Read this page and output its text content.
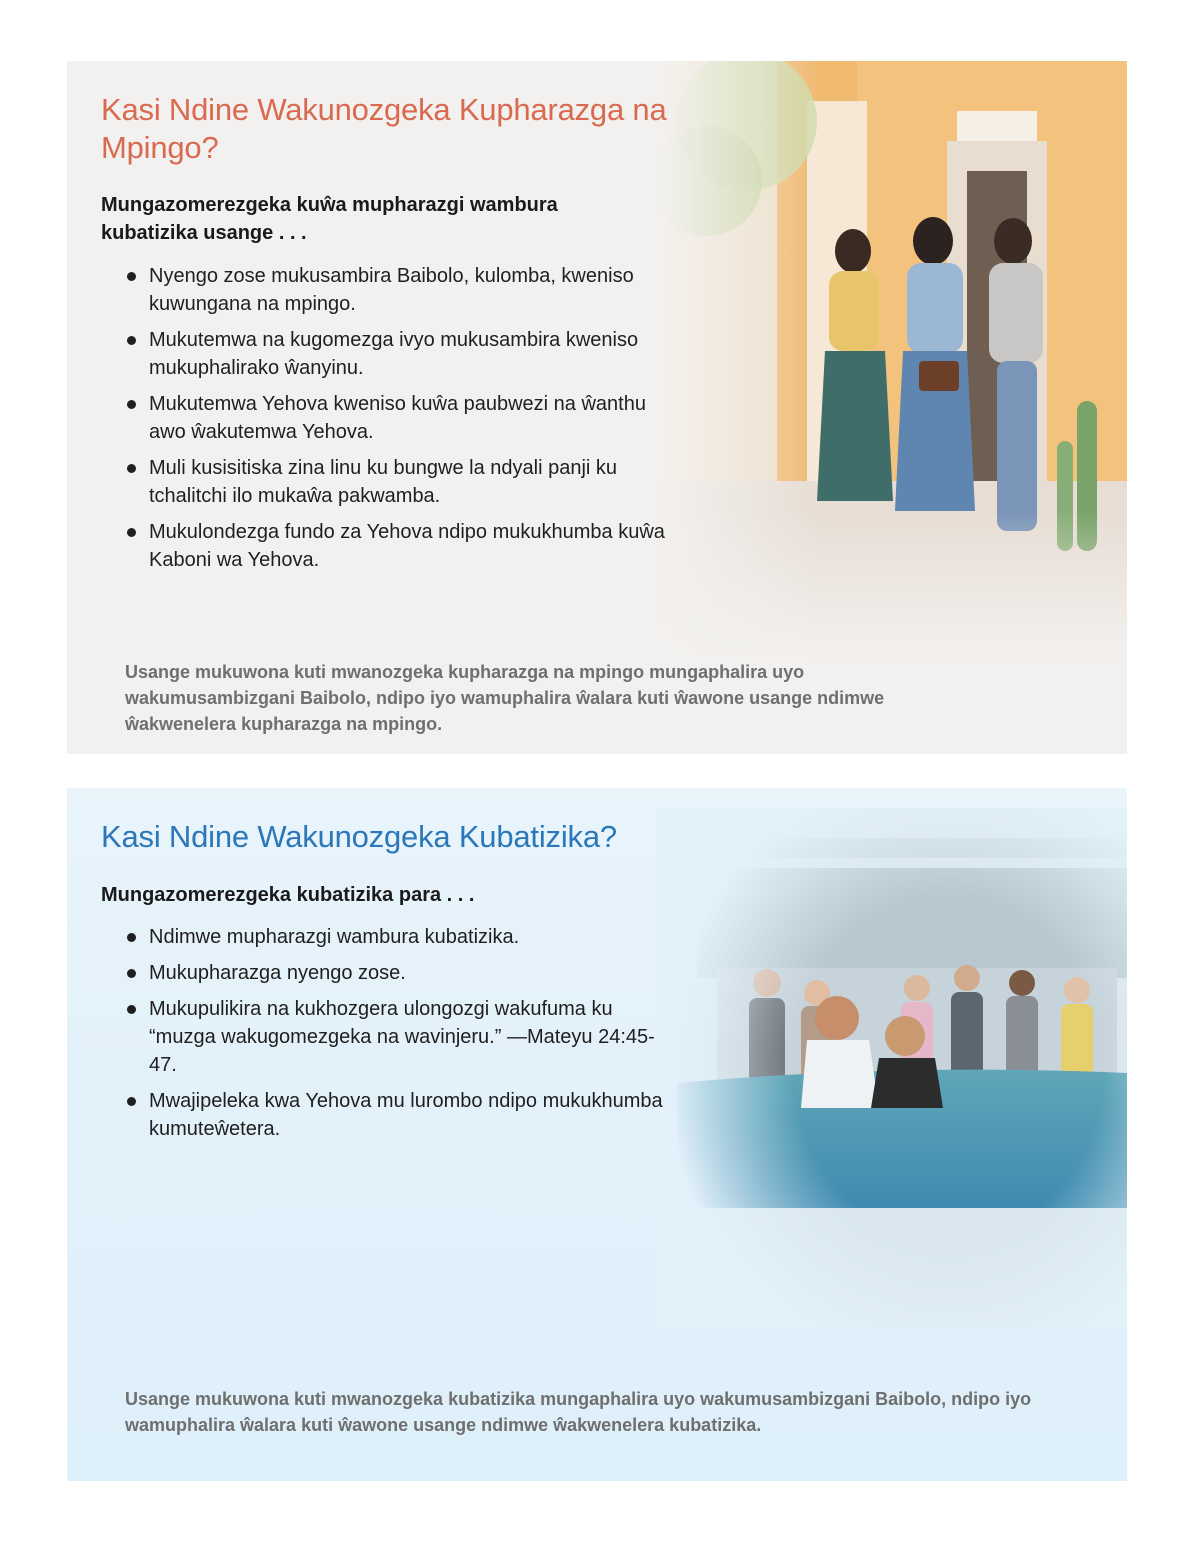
Kasi Ndine Wakunozgeka Kupharazga na Mpingo?

Mungazomerezgeka kuŵa mupharazgi wambura kubatizika usange . . .

Nyengo zose mukusambira Baibolo, kulomba, kweniso kuwungana na mpingo.
Mukutemwa na kugomezga ivyo mukusambira kweniso mukuphalirako ŵanyinu.
Mukutemwa Yehova kweniso kuŵa paubwezi na ŵanthu awo ŵakutemwa Yehova.
Muli kusisitiska zina linu ku bungwe la ndyali panji ku tchalitchi ilo mukaŵa pakwamba.
Mukulondezga fundo za Yehova ndipo mukukhumba kuŵa Kaboni wa Yehova.

Usange mukuwona kuti mwanozgeka kupharazga na mpingo mungaphalira uyo wakumusambizgani Baibolo, ndipo iyo wamuphalira ŵalara kuti ŵawone usange ndimwe ŵakwenelera kupharazga na mpingo.

Kasi Ndine Wakunozgeka Kubatizika?

Mungazomerezgeka kubatizika para . . .

Ndimwe mupharazgi wambura kubatizika.
Mukupharazga nyengo zose.
Mukupulikira na kukhozgera ulongozgi wakufuma ku “muzga wakugomezgeka na wavinjeru.” —Mateyu 24:45-47.
Mwajipeleka kwa Yehova mu lurombo ndipo mukukhumba kumuteŵetera.

Usange mukuwona kuti mwanozgeka kubatizika mungaphalira uyo wakumusambizgani Baibolo, ndipo iyo wamuphalira ŵalara kuti ŵawone usange ndimwe ŵakwenelera kubatizika.
